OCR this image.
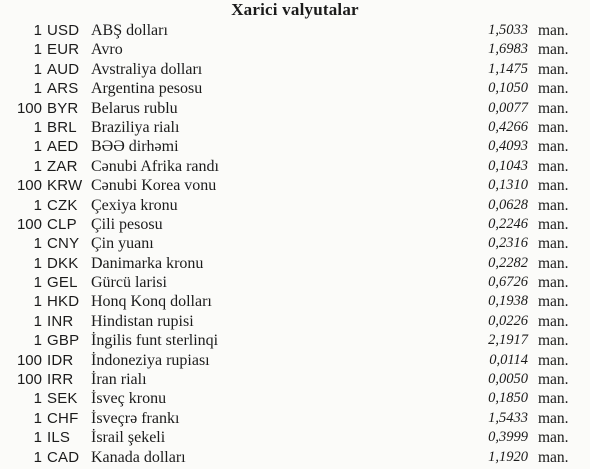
Xarici valyutalar
1 USD ABŞ dolları	1,5033 man.
1 EUR Avro	1,6983 man.
1 AUD Avstraliya dolları	1,1475 man.
1 ARS Argentina pesosu	0,1050 man.
100 BYR Belarus rublu	0,0077 man.
1 BRL Braziliya rialı	0,4266 man.
1 AED BƏƏ dirhəmi	0,4093 man.
1 ZAR Cənubi Afrika randı	0,1043 man.
100 KRW Cənubi Korea vonu	0,1310 man.
1 CZK Çexiya kronu	0,0628 man.
100 CLP Çili pesosu	0,2246 man.
1 CNY Çin yuanı	0,2316 man.
1 DKK Danimarka kronu	0,2282 man.
1 GEL Gürcü larisi	0,6726 man.
1 HKD Honq Konq dolları	0,1938 man.
1 INR	Hindistan rupisi	0,0226 man.
1 GBP İngilis funt sterlinqi	2,1917 man.
100 IDR	İndoneziya rupiası	0,0114 man.
100 IRR	İran rialı	0,0050 man.
1 SEK İsveç kronu	0,1850 man.
1 CHF İsveçrə frankı	1,5433 man.
1 ILS	İsrail şekeli	0,3999 man.
1 CAD Kanada dolları	1,1920 man.
